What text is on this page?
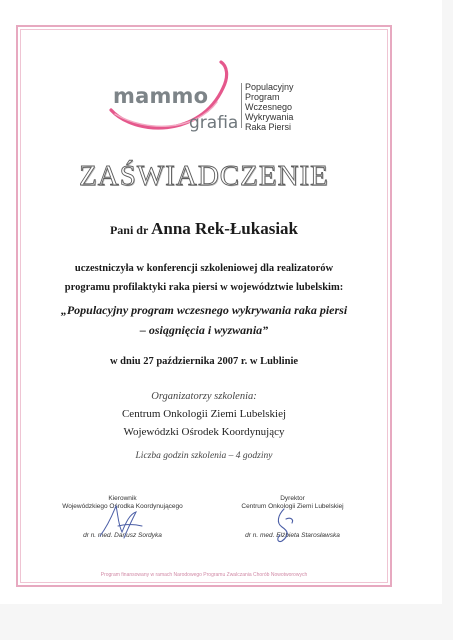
mammo
grafia
Populacyjny
Program
Wczesnego
Wykrywania
Raka Piersi
ZAŚWIADCZENIE
Pani dr Anna Rek-Łukasiak
uczestniczyła w konferencji szkoleniowej dla realizatorów
programu profilaktyki raka piersi w województwie lubelskim:
„Populacyjny program wczesnego wykrywania raka piersi
– osiągnięcia i wyzwania”
w dniu 27 października 2007 r. w Lublinie
Organizatorzy szkolenia:
Centrum Onkologii Ziemi Lubelskiej
Wojewódzki Ośrodek Koordynujący
Liczba godzin szkolenia – 4 godziny
Kierownik
Wojewódzkiego Ośrodka Koordynującego
dr n. med. Dariusz Sordyka
Dyrektor
Centrum Onkologii Ziemi Lubelskiej
dr n. med. Elżbieta Starosławska
Program finansowany w ramach Narodowego Programu Zwalczania Chorób Nowotworowych
